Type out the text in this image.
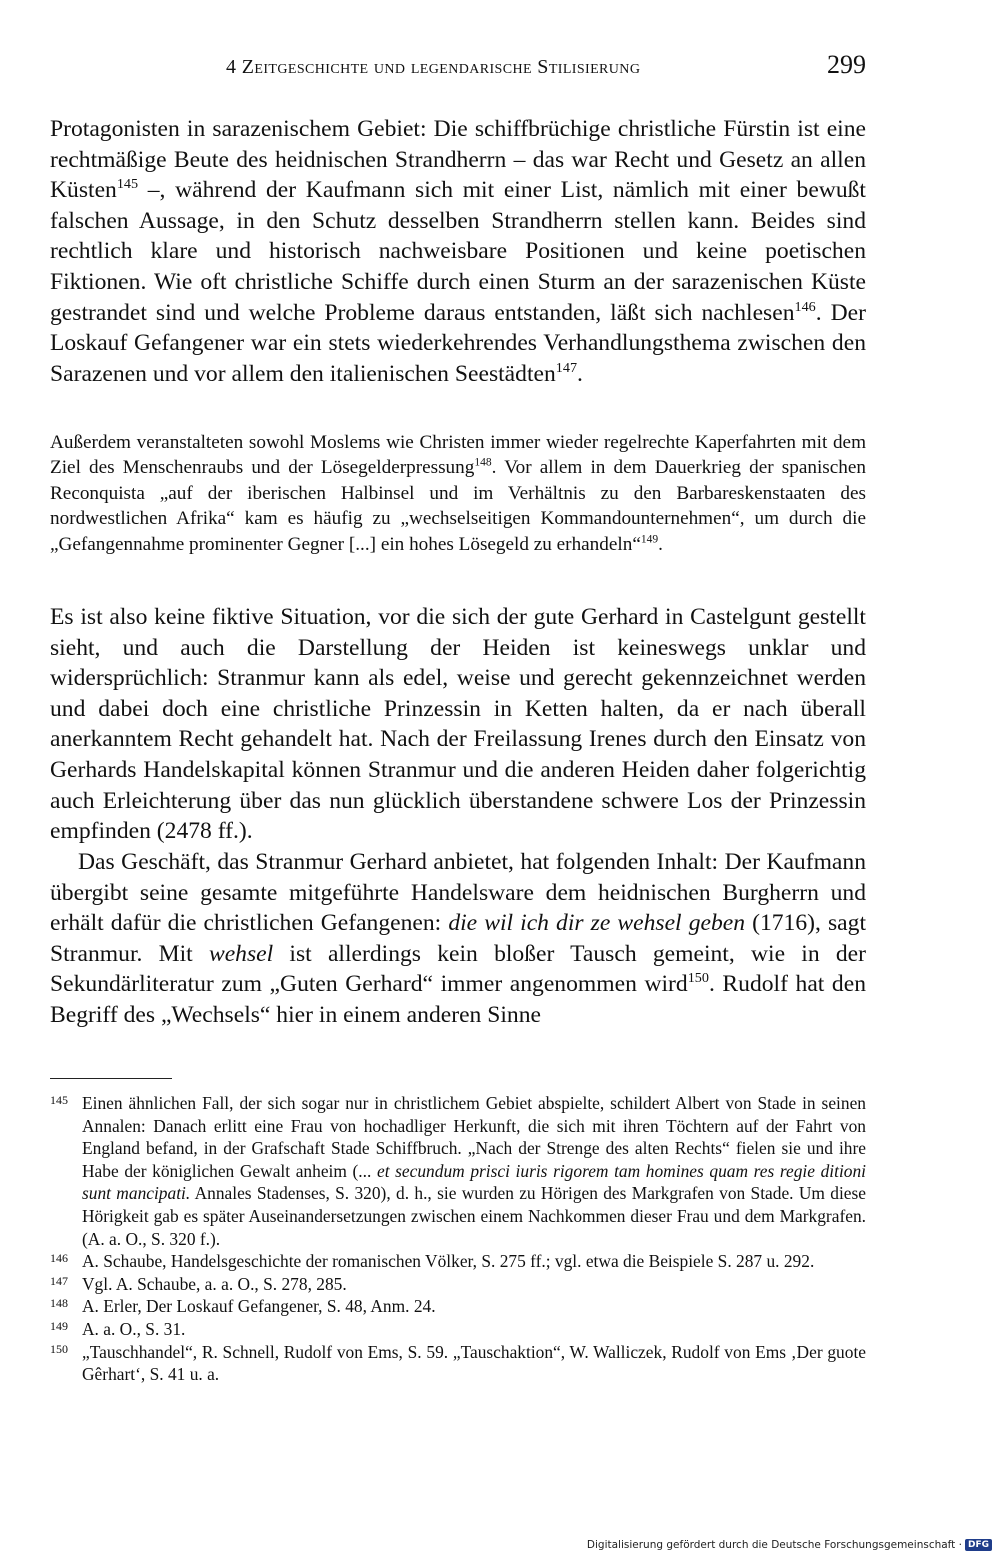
4 Zeitgeschichte und legendarische Stilisierung	299

Protagonisten in sarazenischem Gebiet: Die schiffbrüchige christliche Fürstin ist eine rechtmäßige Beute des heidnischen Strandherrn – das war Recht und Gesetz an allen Küsten$^{145}$ –, während der Kaufmann sich mit einer List, nämlich mit einer bewußt falschen Aussage, in den Schutz desselben Strandherrn stellen kann. Beides sind rechtlich klare und historisch nachweisbare Positionen und keine poetischen Fiktionen. Wie oft christliche Schiffe durch einen Sturm an der sarazenischen Küste gestrandet sind und welche Probleme daraus entstanden, läßt sich nachlesen$^{146}$. Der Loskauf Gefangener war ein stets wiederkehrendes Verhandlungsthema zwischen den Sarazenen und vor allem den italienischen Seestädten$^{147}$.

Außerdem veranstalteten sowohl Moslems wie Christen immer wieder regelrechte Kaperfahrten mit dem Ziel des Menschenraubs und der Lösegelderpressung$^{148}$. Vor allem in dem Dauerkrieg der spanischen Reconquista „auf der iberischen Halbinsel und im Verhältnis zu den Barbareskenstaaten des nordwestlichen Afrika“ kam es häufig zu „wechselseitigen Kommandounternehmen“, um durch die „Gefangennahme prominenter Gegner [...] ein hohes Lösegeld zu erhandeln“$^{149}$.

Es ist also keine fiktive Situation, vor die sich der gute Gerhard in Castelgunt gestellt sieht, und auch die Darstellung der Heiden ist keineswegs unklar und widersprüchlich: Stranmur kann als edel, weise und gerecht gekennzeichnet werden und dabei doch eine christliche Prinzessin in Ketten halten, da er nach überall anerkanntem Recht gehandelt hat. Nach der Freilassung Irenes durch den Einsatz von Gerhards Handelskapital können Stranmur und die anderen Heiden daher folgerichtig auch Erleichterung über das nun glücklich überstandene schwere Los der Prinzessin empfinden (2478 ff.).

Das Geschäft, das Stranmur Gerhard anbietet, hat folgenden Inhalt: Der Kaufmann übergibt seine gesamte mitgeführte Handelsware dem heidnischen Burgherrn und erhält dafür die christlichen Gefangenen: die wil ich dir ze wehsel geben (1716), sagt Stranmur. Mit wehsel ist allerdings kein bloßer Tausch gemeint, wie in der Sekundärliteratur zum „Guten Gerhard“ immer angenommen wird$^{150}$. Rudolf hat den Begriff des „Wechsels“ hier in einem anderen Sinne

145 Einen ähnlichen Fall, der sich sogar nur in christlichem Gebiet abspielte, schildert Albert von Stade in seinen Annalen: Danach erlitt eine Frau von hochadliger Herkunft, die sich mit ihren Töchtern auf der Fahrt von England befand, in der Grafschaft Stade Schiffbruch. „Nach der Strenge des alten Rechts“ fielen sie und ihre Habe der königlichen Gewalt anheim (... et secundum prisci iuris rigorem tam homines quam res regie ditioni sunt mancipati. Annales Stadenses, S. 320), d. h., sie wurden zu Hörigen des Markgrafen von Stade. Um diese Hörigkeit gab es später Auseinandersetzungen zwischen einem Nachkommen dieser Frau und dem Markgrafen. (A. a. O., S. 320 f.).
146 A. Schaube, Handelsgeschichte der romanischen Völker, S. 275 ff.; vgl. etwa die Beispiele S. 287 u. 292.
147 Vgl. A. Schaube, a. a. O., S. 278, 285.
148 A. Erler, Der Loskauf Gefangener, S. 48, Anm. 24.
149 A. a. O., S. 31.
150 „Tauschhandel“, R. Schnell, Rudolf von Ems, S. 59. „Tauschaktion“, W. Walliczek, Rudolf von Ems ‚Der guote Gêrhart‘, S. 41 u. a.
Digitalisierung gefördert durch die Deutsche Forschungsgemeinschaft · DFG
